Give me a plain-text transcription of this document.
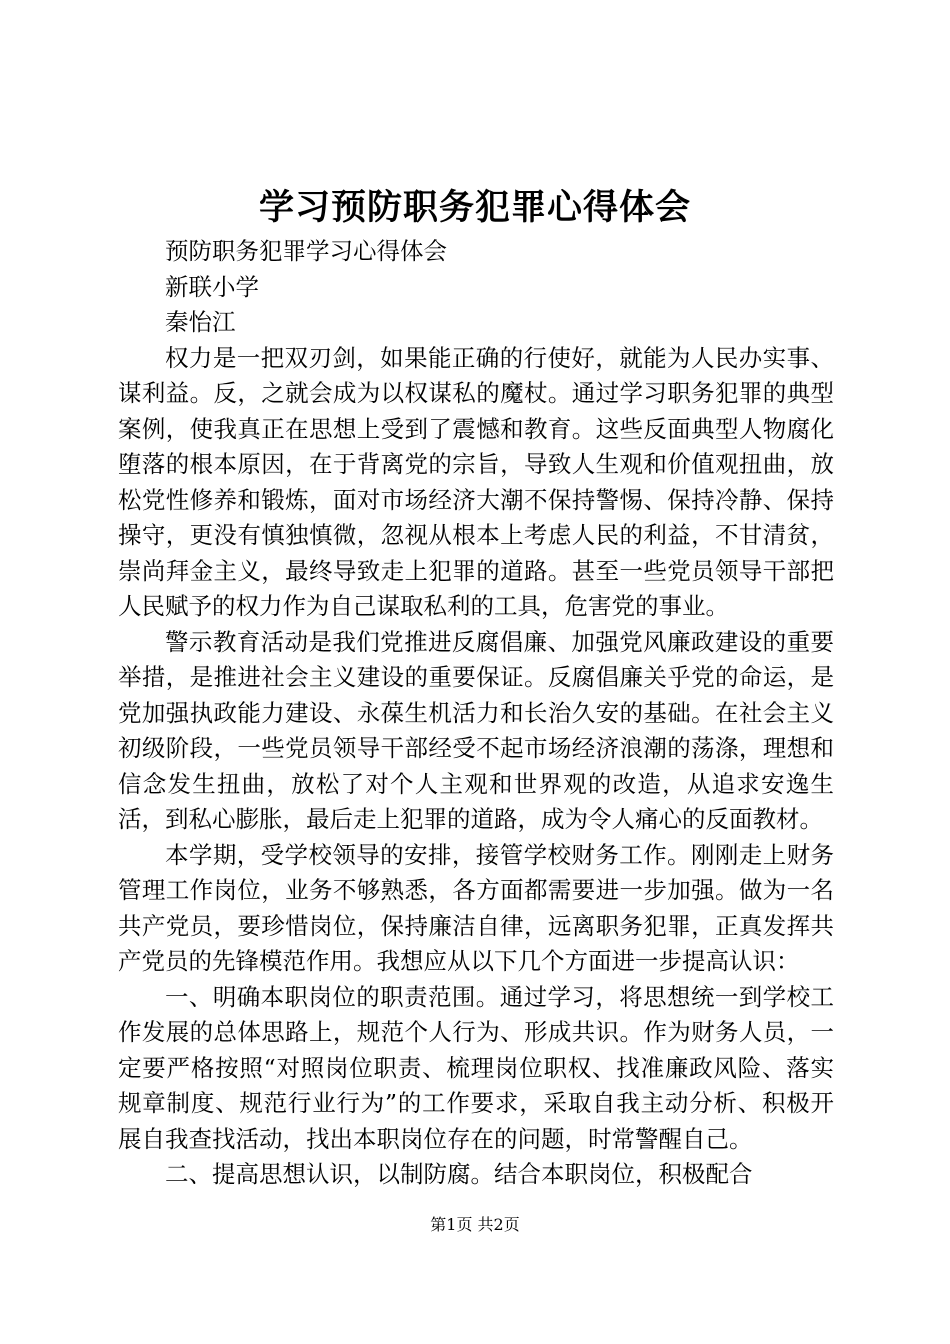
学习预防职务犯罪心得体会

预防职务犯罪学习心得体会

新联小学

秦怡江

权力是一把双刃剑，如果能正确的行使好，就能为人民办实事、谋利益。反，之就会成为以权谋私的魔杖。通过学习职务犯罪的典型案例，使我真正在思想上受到了震憾和教育。这些反面典型人物腐化堕落的根本原因，在于背离党的宗旨，导致人生观和价值观扭曲，放松党性修养和锻炼，面对市场经济大潮不保持警惕、保持冷静、保持操守，更没有慎独慎微，忽视从根本上考虑人民的利益，不甘清贫，崇尚拜金主义，最终导致走上犯罪的道路。甚至一些党员领导干部把人民赋予的权力作为自己谋取私利的工具，危害党的事业。

警示教育活动是我们党推进反腐倡廉、加强党风廉政建设的重要举措，是推进社会主义建设的重要保证。反腐倡廉关乎党的命运，是党加强执政能力建设、永葆生机活力和长治久安的基础。在社会主义初级阶段，一些党员领导干部经受不起市场经济浪潮的荡涤，理想和信念发生扭曲，放松了对个人主观和世界观的改造，从追求安逸生活，到私心膨胀，最后走上犯罪的道路，成为令人痛心的反面教材。

本学期，受学校领导的安排，接管学校财务工作。刚刚走上财务管理工作岗位，业务不够熟悉，各方面都需要进一步加强。做为一名共产党员，要珍惜岗位，保持廉洁自律，远离职务犯罪，正真发挥共产党员的先锋模范作用。我想应从以下几个方面进一步提高认识：

一、明确本职岗位的职责范围。通过学习，将思想统一到学校工作发展的总体思路上，规范个人行为、形成共识。作为财务人员，一定要严格按照“对照岗位职责、梳理岗位职权、找准廉政风险、落实规章制度、规范行业行为”的工作要求，采取自我主动分析、积极开展自我查找活动，找出本职岗位存在的问题，时常警醒自己。

二、提高思想认识，以制防腐。结合本职岗位，积极配合

第1页 共2页
